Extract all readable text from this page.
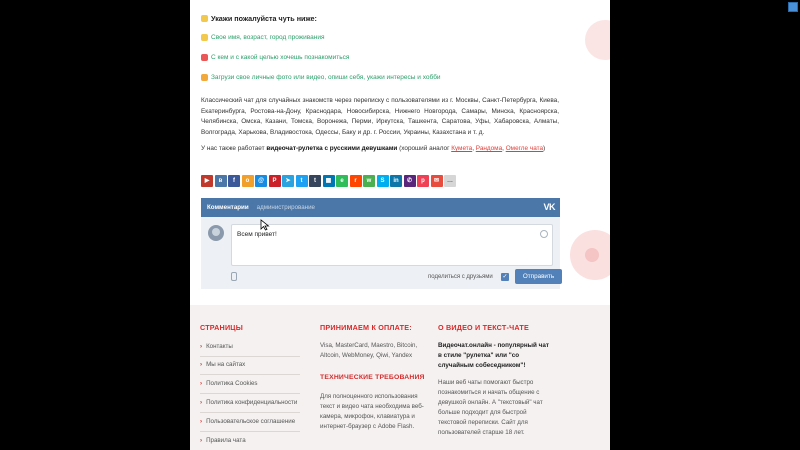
Укажи пожалуйста чуть ниже:
Свое имя, возраст, город проживания
С кем и с какой целью хочешь познакомиться
Загрузи свое личные фото или видео, опиши себя, укажи интересы и хобби
Классический чат для случайных знакомств через переписку с пользователями из г. Москвы, Санкт-Петербурга, Киева, Екатеринбурга, Ростова-на-Дону, Краснодара, Новосибирска, Нижнего Новгорода, Самары, Минска, Красноярска, Челябинска, Омска, Казани, Томска, Воронежа, Перми, Иркутска, Ташкента, Саратова, Уфы, Хабаровска, Алматы, Волгограда, Харькова, Владивостока, Одессы, Баку и др. г. России, Украины, Казахстана и т. д.
У нас также работает видеочат-рулетка с русскими девушками (хороший аналог Кумета, Рандома, Омегле чата)
▶ в f о @ P ➤ t t ▦ e r w S in ✆ p ✉ …
Комментарии администрирование	VK
Всем привет!
поделиться с друзьями ✓	Отправить
СТРАНИЦЫ
› Контакты
› Мы на сайтах
› Политика Cookies
› Политика конфиденциальности
› Пользовательское соглашение
› Правила чата
ПРИНИМАЕМ К ОПЛАТЕ:
Visa, MasterCard, Maestro, Bitcoin, Altcoin, WebMoney, Qiwi, Yandex
ТЕХНИЧЕСКИЕ ТРЕБОВАНИЯ
Для полноценного использования текст и видео чата необходима веб-камера, микрофон, клавиатура и интернет-браузер с Adobe Flash.
О ВИДЕО И ТЕКСТ-ЧАТЕ
Видеочат.онлайн - популярный чат в стиле "рулетка" или "со случайным собеседником"!
Наши веб чаты помогают быстро познакомиться и начать общение с девушкой онлайн. А "текстовый" чат больше подходит для быстрой текстовой переписки. Сайт для пользователей старше 18 лет.
